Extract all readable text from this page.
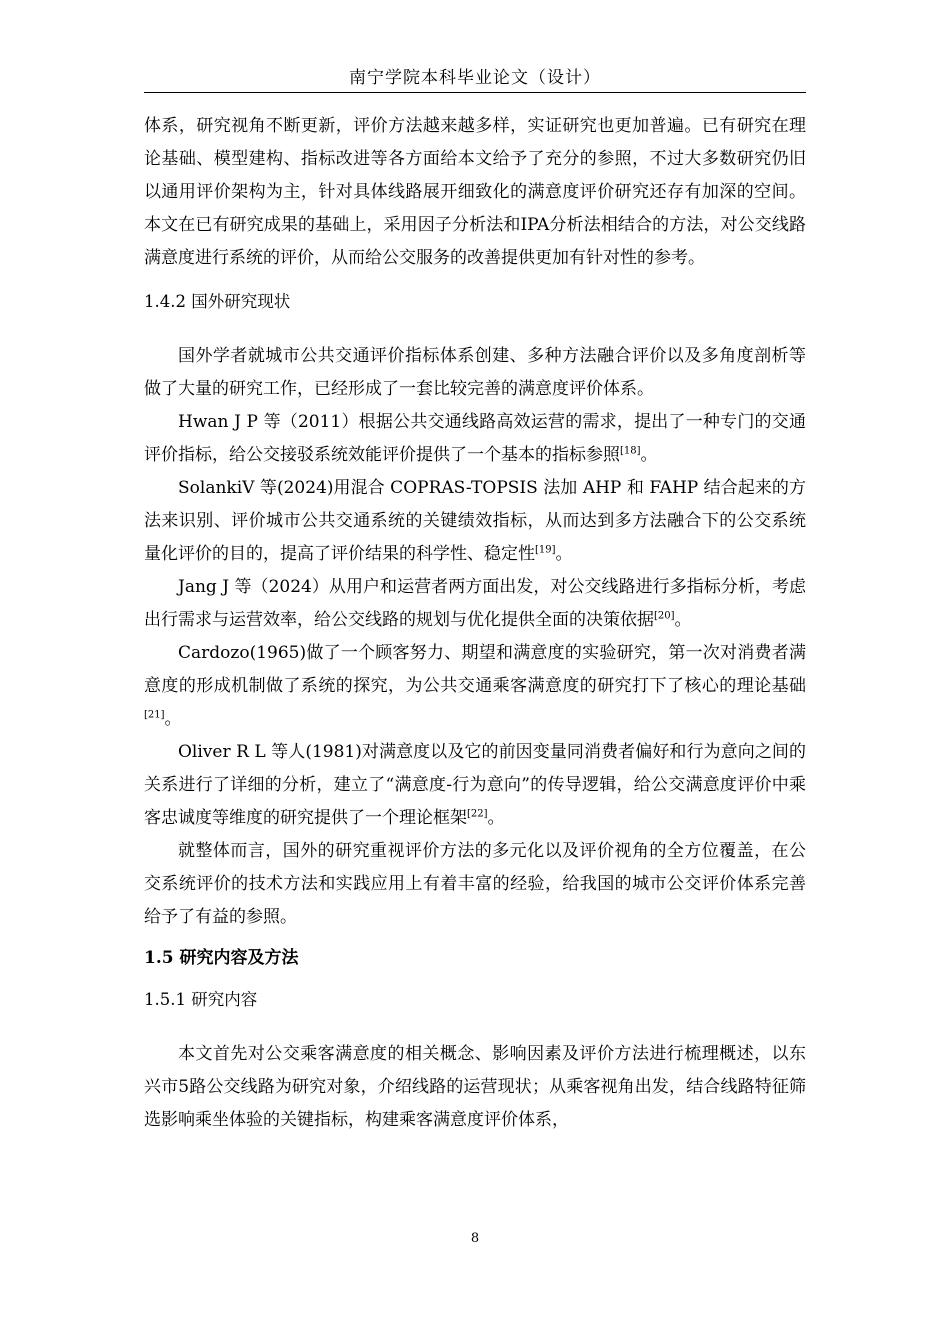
南宁学院本科毕业论文（设计）

体系，研究视角不断更新，评价方法越来越多样，实证研究也更加普遍。已有研究在理论基础、模型建构、指标改进等各方面给本文给予了充分的参照，不过大多数研究仍旧以通用评价架构为主，针对具体线路展开细致化的满意度评价研究还存有加深的空间。本文在已有研究成果的基础上，采用因子分析法和IPA分析法相结合的方法，对公交线路满意度进行系统的评价，从而给公交服务的改善提供更加有针对性的参考。

1.4.2 国外研究现状

国外学者就城市公共交通评价指标体系创建、多种方法融合评价以及多角度剖析等做了大量的研究工作，已经形成了一套比较完善的满意度评价体系。

Hwan J P 等（2011）根据公共交通线路高效运营的需求，提出了一种专门的交通评价指标，给公交接驳系统效能评价提供了一个基本的指标参照[18]。

SolankiV 等(2024)用混合 COPRAS-TOPSIS 法加 AHP 和 FAHP 结合起来的方法来识别、评价城市公共交通系统的关键绩效指标，从而达到多方法融合下的公交系统量化评价的目的，提高了评价结果的科学性、稳定性[19]。

Jang J 等（2024）从用户和运营者两方面出发，对公交线路进行多指标分析，考虑出行需求与运营效率，给公交线路的规划与优化提供全面的决策依据[20]。

Cardozo(1965)做了一个顾客努力、期望和满意度的实验研究，第一次对消费者满意度的形成机制做了系统的探究，为公共交通乘客满意度的研究打下了核心的理论基础[21]。

Oliver R L 等人(1981)对满意度以及它的前因变量同消费者偏好和行为意向之间的关系进行了详细的分析，建立了“满意度-行为意向”的传导逻辑，给公交满意度评价中乘客忠诚度等维度的研究提供了一个理论框架[22]。

就整体而言，国外的研究重视评价方法的多元化以及评价视角的全方位覆盖，在公交系统评价的技术方法和实践应用上有着丰富的经验，给我国的城市公交评价体系完善给予了有益的参照。

1.5 研究内容及方法

1.5.1 研究内容

本文首先对公交乘客满意度的相关概念、影响因素及评价方法进行梳理概述，以东兴市5路公交线路为研究对象，介绍线路的运营现状；从乘客视角出发，结合线路特征筛选影响乘坐体验的关键指标，构建乘客满意度评价体系，

8
